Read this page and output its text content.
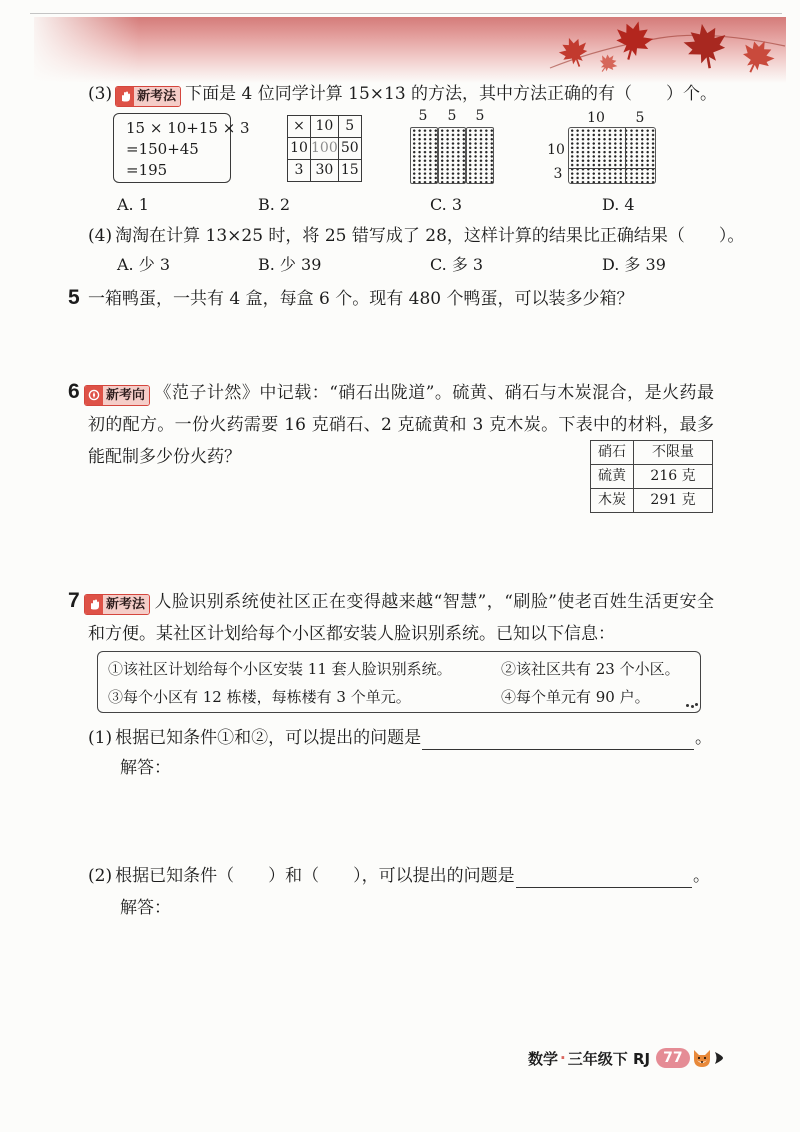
(3) 新考法 下面是 4 位同学计算 15×13 的方法，其中方法正确的有（　　）个。
15 × 10+15 × 3
=150+45
=195
×	10	5
10	100	50
3	30	15
5	5	5	10	5
10
3
A. 1	B. 2	C. 3	D. 4
(4) 淘淘在计算 13×25 时，将 25 错写成了 28，这样计算的结果比正确结果（　　）。
A. 少 3	B. 少 39	C. 多 3	D. 多 39
5 一箱鸭蛋，一共有 4 盒，每盒 6 个。现有 480 个鸭蛋，可以装多少箱？
6 新考向 《范子计然》中记载：“硝石出陇道”。硫黄、硝石与木炭混合，是火药最初的配方。一份火药需要 16 克硝石、2 克硫黄和 3 克木炭。下表中的材料，最多能配制多少份火药？	硝石	不限量
硫黄	216 克
木炭	291 克
7 新考法 人脸识别系统使社区正在变得越来越“智慧”，“刷脸”使老百姓生活更安全和方便。某社区计划给每个小区都安装人脸识别系统。已知以下信息：
①该社区计划给每个小区安装 11 套人脸识别系统。	②该社区共有 23 个小区。
③每个小区有 12 栋楼，每栋楼有 3 个单元。	④每个单元有 90 户。
(1) 根据已知条件①和②，可以提出的问题是	。
解答：
(2) 根据已知条件（　　）和（　　），可以提出的问题是	。
解答：
数学 · 三年级下 RJ 77
